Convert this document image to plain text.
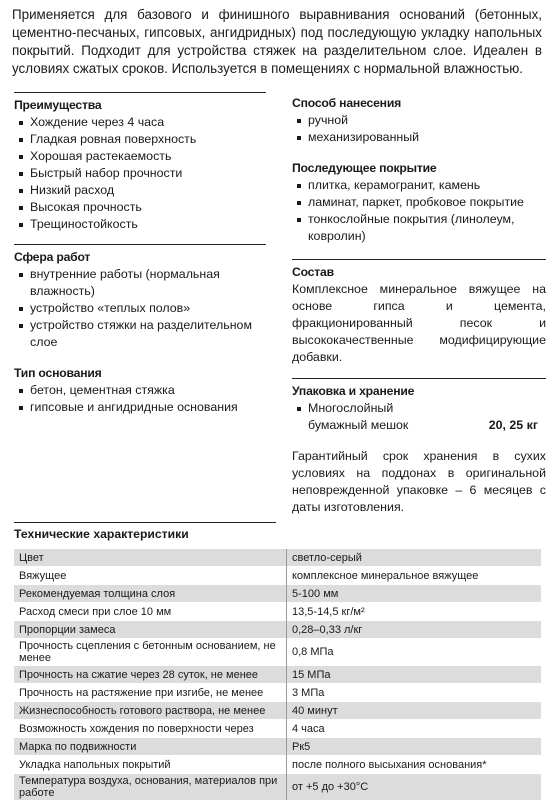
Применяется для базового и финишного выравнивания оснований (бетонных, цементно-песчаных, гипсовых, ангидридных) под последующую укладку напольных покрытий. Подходит для устройства стяжек на разделительном слое. Идеален в условиях сжатых сроков. Используется в помещениях с нормальной влажностью.
Преимущества
Хождение через 4 часа
Гладкая ровная поверхность
Хорошая растекаемость
Быстрый набор прочности
Низкий расход
Высокая прочность
Трещиностойкость
Сфера работ
внутренние работы (нормальная влажность)
устройство «теплых полов»
устройство стяжки на разделительном слое
Тип основания
бетон, цементная стяжка
гипсовые и ангидридные основания
Способ нанесения
ручной
механизированный
Последующее покрытие
плитка, керамогранит, камень
ламинат, паркет, пробковое покрытие
тонкослойные покрытия (линолеум, ковролин)
Состав
Комплексное минеральное вяжущее на основе гипса и цемента, фракционированный песок и высококачественные модифицирующие добавки.
Упаковка и хранение
Многослойный
бумажный мешок	20, 25 кг
Гарантийный срок хранения в сухих условиях на поддонах в оригинальной неповрежденной упаковке – 6 месяцев с даты изготовления.
Технические характеристики
Цвет	светло-серый
Вяжущее	комплексное минеральное вяжущее
Рекомендуемая толщина слоя	5-100 мм
Расход смеси при слое 10 мм	13,5-14,5 кг/м²
Пропорции замеса	0,28–0,33 л/кг
Прочность сцепления с бетонным основанием, не менее	0,8 МПа
Прочность на сжатие через 28 суток, не менее	15 МПа
Прочность на растяжение при изгибе, не менее	3 МПа
Жизнеспособность готового раствора, не менее	40 минут
Возможность хождения по поверхности через	4 часа
Марка по подвижности	Рк5
Укладка напольных покрытий	после полного высыхания основания*
Температура воздуха, основания, материалов при работе	от +5 до +30°С
